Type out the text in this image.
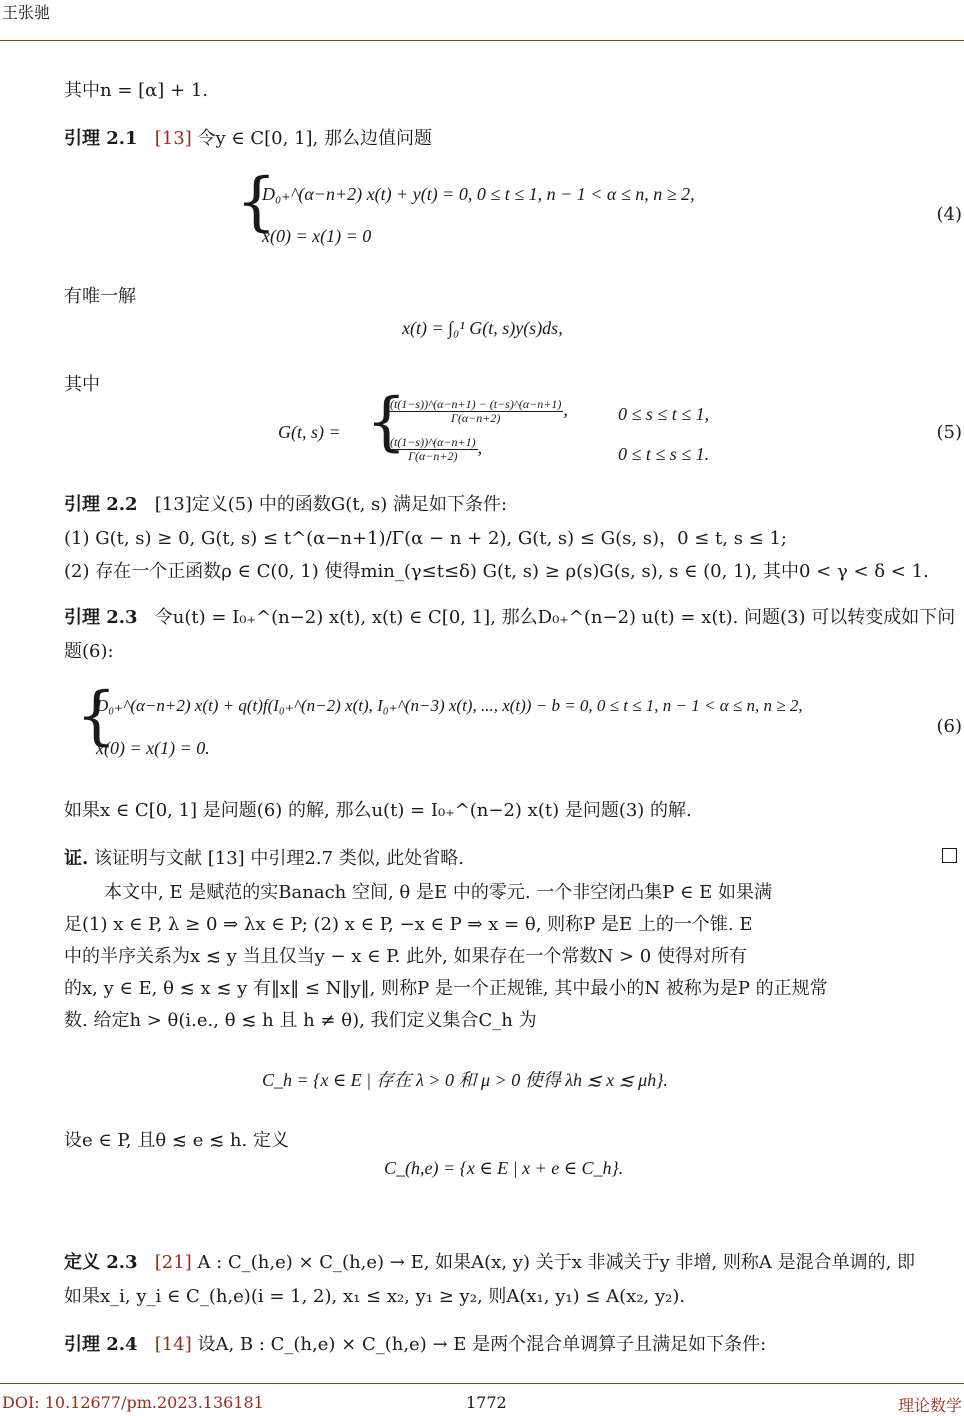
王张驰
其中n = [α] + 1.
引理 2.1 [13] 令y ∈ C[0, 1], 那么边值问题
{
D₀₊^(α−n+2) x(t) + y(t) = 0, 0 ≤ t ≤ 1, n − 1 < α ≤ n, n ≥ 2,
x(0) = x(1) = 0
(4)
有唯一解
x(t) = ∫₀¹ G(t, s)y(s)ds,
其中
G(t, s) = {
$\frac{(t(1-s))\^{}(\alpha-n+1) - (t-s)\^{}(\alpha-n+1)}{\Gamma(\alpha-n+2)}$ ,	0 ≤ s ≤ t ≤ 1,
$\frac{(t(1-s))\^{}(\alpha-n+1)}{\Gamma(\alpha-n+2)}$ ,	0 ≤ t ≤ s ≤ 1.
(5)
引理 2.2 [13]定义(5) 中的函数G(t, s) 满足如下条件:
(1) G(t, s) ≥ 0, G(t, s) ≤ t^(α−n+1)/Γ(α − n + 2), G(t, s) ≤ G(s, s)，0 ≤ t, s ≤ 1;
(2) 存在一个正函数ρ ∈ C(0, 1) 使得min_(γ≤t≤δ) G(t, s) ≥ ρ(s)G(s, s), s ∈ (0, 1), 其中0 < γ < δ < 1.
引理 2.3 令u(t) = I₀₊^(n−2) x(t), x(t) ∈ C[0, 1], 那么D₀₊^(n−2) u(t) = x(t). 问题(3) 可以转变成如下问
题(6):
{
D₀₊^(α−n+2) x(t) + q(t)f(I₀₊^(n−2) x(t), I₀₊^(n−3) x(t), ..., x(t)) − b = 0, 0 ≤ t ≤ 1, n − 1 < α ≤ n, n ≥ 2,
x(0) = x(1) = 0.
(6)
如果x ∈ C[0, 1] 是问题(6) 的解, 那么u(t) = I₀₊^(n−2) x(t) 是问题(3) 的解.
证. 该证明与文献 [13] 中引理2.7 类似, 此处省略.
本文中, E 是赋范的实Banach 空间, θ 是E 中的零元. 一个非空闭凸集P ∈ E 如果满
足(1) x ∈ P, λ ≥ 0 ⇒ λx ∈ P; (2) x ∈ P, −x ∈ P ⇒ x = θ, 则称P 是E 上的一个锥. E
中的半序关系为x ≲ y 当且仅当y − x ∈ P. 此外, 如果存在一个常数N > 0 使得对所有
的x, y ∈ E, θ ≲ x ≲ y 有‖x‖ ≤ N‖y‖, 则称P 是一个正规锥, 其中最小的N 被称为是P 的正规常
数. 给定h > θ(i.e., θ ≲ h 且 h ≠ θ), 我们定义集合C_h 为
C_h = {x ∈ E | 存在 λ > 0 和 μ > 0 使得 λh ≲ x ≲ μh}.
设e ∈ P, 且θ ≲ e ≲ h. 定义
C_(h,e) = {x ∈ E | x + e ∈ C_h}.
定义 2.3 [21] A : C_(h,e) × C_(h,e) → E, 如果A(x, y) 关于x 非减关于y 非增, 则称A 是混合单调的, 即
如果x_i, y_i ∈ C_(h,e)(i = 1, 2), x₁ ≤ x₂, y₁ ≥ y₂, 则A(x₁, y₁) ≤ A(x₂, y₂).
引理 2.4 [14] 设A, B : C_(h,e) × C_(h,e) → E 是两个混合单调算子且满足如下条件:
DOI: 10.12677/pm.2023.136181	1772	理论数学
